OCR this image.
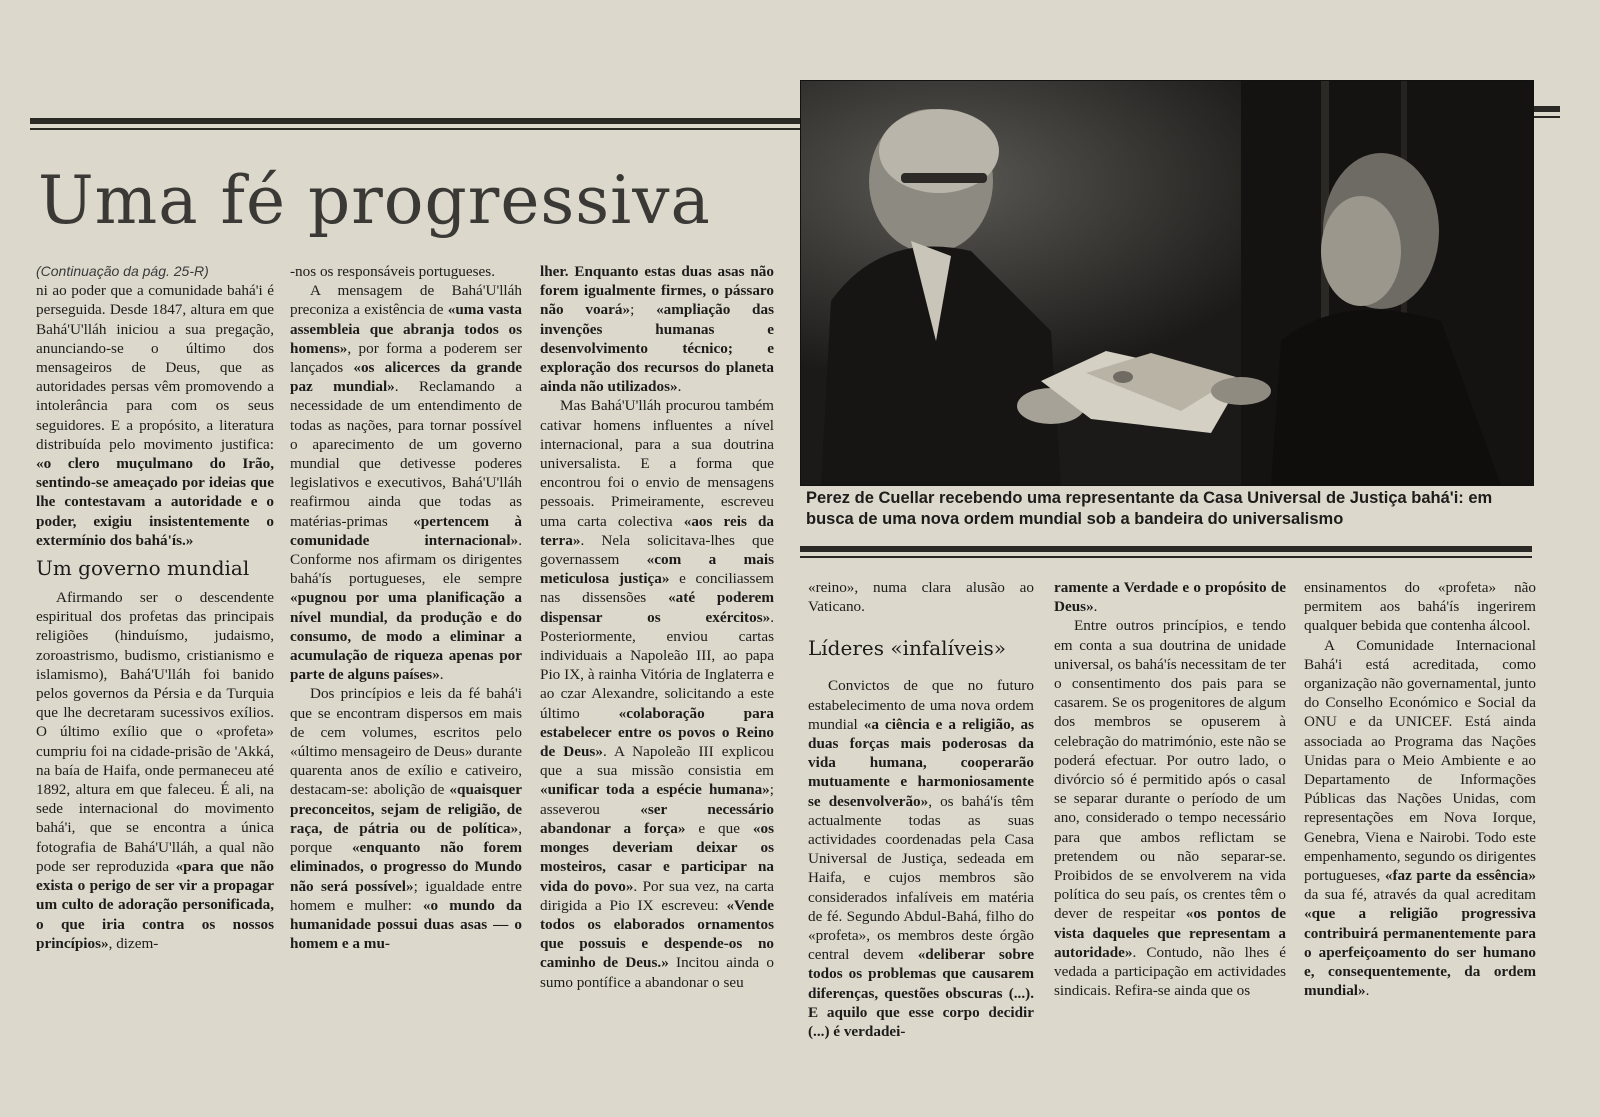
Uma fé progressiva
Perez de Cuellar recebendo uma representante da Casa Universal de Justiça bahá'i: em busca de uma nova ordem mundial sob a bandeira do universalismo

(Continuação da pág. 25-R)

ni ao poder que a comunidade bahá'i é perseguida. Desde 1847, altura em que Bahá'U'lláh iniciou a sua pregação, anunciando-se o último dos mensageiros de Deus, que as autoridades persas vêm promovendo a intolerância para com os seus seguidores. E a propósito, a literatura distribuída pelo movimento justifica: «o clero muçulmano do Irão, sentindo-se ameaçado por ideias que lhe contestavam a autoridade e o poder, exigiu insistentemente o extermínio dos bahá'ís.»

Um governo mundial

Afirmando ser o descendente espiritual dos profetas das principais religiões (hinduísmo, judaismo, zoroastrismo, budismo, cristianismo e islamismo), Bahá'U'lláh foi banido pelos governos da Pérsia e da Turquia que lhe decretaram sucessivos exílios. O último exílio que o «profeta» cumpriu foi na cidade-prisão de 'Akká, na baía de Haifa, onde permaneceu até 1892, altura em que faleceu. É ali, na sede internacional do movimento bahá'i, que se encontra a única fotografia de Bahá'U'lláh, a qual não pode ser reproduzida «para que não exista o perigo de ser vir a propagar um culto de adoração personificada, o que iria contra os nossos princípios», dizem-

-nos os responsáveis portugueses.

A mensagem de Bahá'U'lláh preconiza a existência de «uma vasta assembleia que abranja todos os homens», por forma a poderem ser lançados «os alicerces da grande paz mundial». Reclamando a necessidade de um entendimento de todas as nações, para tornar possível o aparecimento de um governo mundial que detivesse poderes legislativos e executivos, Bahá'U'lláh reafirmou ainda que todas as matérias-primas «pertencem à comunidade internacional». Conforme nos afirmam os dirigentes bahá'ís portugueses, ele sempre «pugnou por uma planificação a nível mundial, da produção e do consumo, de modo a eliminar a acumulação de riqueza apenas por parte de alguns países».

Dos princípios e leis da fé bahá'i que se encontram dispersos em mais de cem volumes, escritos pelo «último mensageiro de Deus» durante quarenta anos de exílio e cativeiro, destacam-se: abolição de «quaisquer preconceitos, sejam de religião, de raça, de pátria ou de política», porque «enquanto não forem eliminados, o progresso do Mundo não será possível»; igualdade entre homem e mulher: «o mundo da humanidade possui duas asas — o homem e a mu-

lher. Enquanto estas duas asas não forem igualmente firmes, o pássaro não voará»; «ampliação das invenções humanas e desenvolvimento técnico; e exploração dos recursos do planeta ainda não utilizados».

Mas Bahá'U'lláh procurou também cativar homens influentes a nível internacional, para a sua doutrina universalista. E a forma que encontrou foi o envio de mensagens pessoais. Primeiramente, escreveu uma carta colectiva «aos reis da terra». Nela solicitava-lhes que governassem «com a mais meticulosa justiça» e conciliassem nas dissensões «até poderem dispensar os exércitos». Posteriormente, enviou cartas individuais a Napoleão III, ao papa Pio IX, à rainha Vitória de Inglaterra e ao czar Alexandre, solicitando a este último «colaboração para estabelecer entre os povos o Reino de Deus». A Napoleão III explicou que a sua missão consistia em «unificar toda a espécie humana»; asseverou «ser necessário abandonar a força» e que «os monges deveriam deixar os mosteiros, casar e participar na vida do povo». Por sua vez, na carta dirigida a Pio IX escreveu: «Vende todos os elaborados ornamentos que possuis e despende-os no caminho de Deus.» Incitou ainda o sumo pontífice a abandonar o seu

«reino», numa clara alusão ao Vaticano.

Líderes «infalíveis»

Convictos de que no futuro estabelecimento de uma nova ordem mundial «a ciência e a religião, as duas forças mais poderosas da vida humana, cooperarão mutuamente e harmoniosamente se desenvolverão», os bahá'ís têm actualmente todas as suas actividades coordenadas pela Casa Universal de Justiça, sedeada em Haifa, e cujos membros são considerados infalíveis em matéria de fé. Segundo Abdul-Bahá, filho do «profeta», os membros deste órgão central devem «deliberar sobre todos os problemas que causarem diferenças, questões obscuras (...). E aquilo que esse corpo decidir (...) é verdadei-

ramente a Verdade e o propósito de Deus».

Entre outros princípios, e tendo em conta a sua doutrina de unidade universal, os bahá'ís necessitam de ter o consentimento dos pais para se casarem. Se os progenitores de algum dos membros se opuserem à celebração do matrimónio, este não se poderá efectuar. Por outro lado, o divórcio só é permitido após o casal se separar durante o período de um ano, considerado o tempo necessário para que ambos reflictam se pretendem ou não separar-se. Proibidos de se envolverem na vida política do seu país, os crentes têm o dever de respeitar «os pontos de vista daqueles que representam a autoridade». Contudo, não lhes é vedada a participação em actividades sindicais. Refira-se ainda que os

ensinamentos do «profeta» não permitem aos bahá'ís ingerirem qualquer bebida que contenha álcool.

A Comunidade Internacional Bahá'i está acreditada, como organização não governamental, junto do Conselho Económico e Social da ONU e da UNICEF. Está ainda associada ao Programa das Nações Unidas para o Meio Ambiente e ao Departamento de Informações Públicas das Nações Unidas, com representações em Nova Iorque, Genebra, Viena e Nairobi. Todo este empenhamento, segundo os dirigentes portugueses, «faz parte da essência» da sua fé, através da qual acreditam «que a religião progressiva contribuirá permanentemente para o aperfeiçoamento do ser humano e, consequentemente, da ordem mundial».
